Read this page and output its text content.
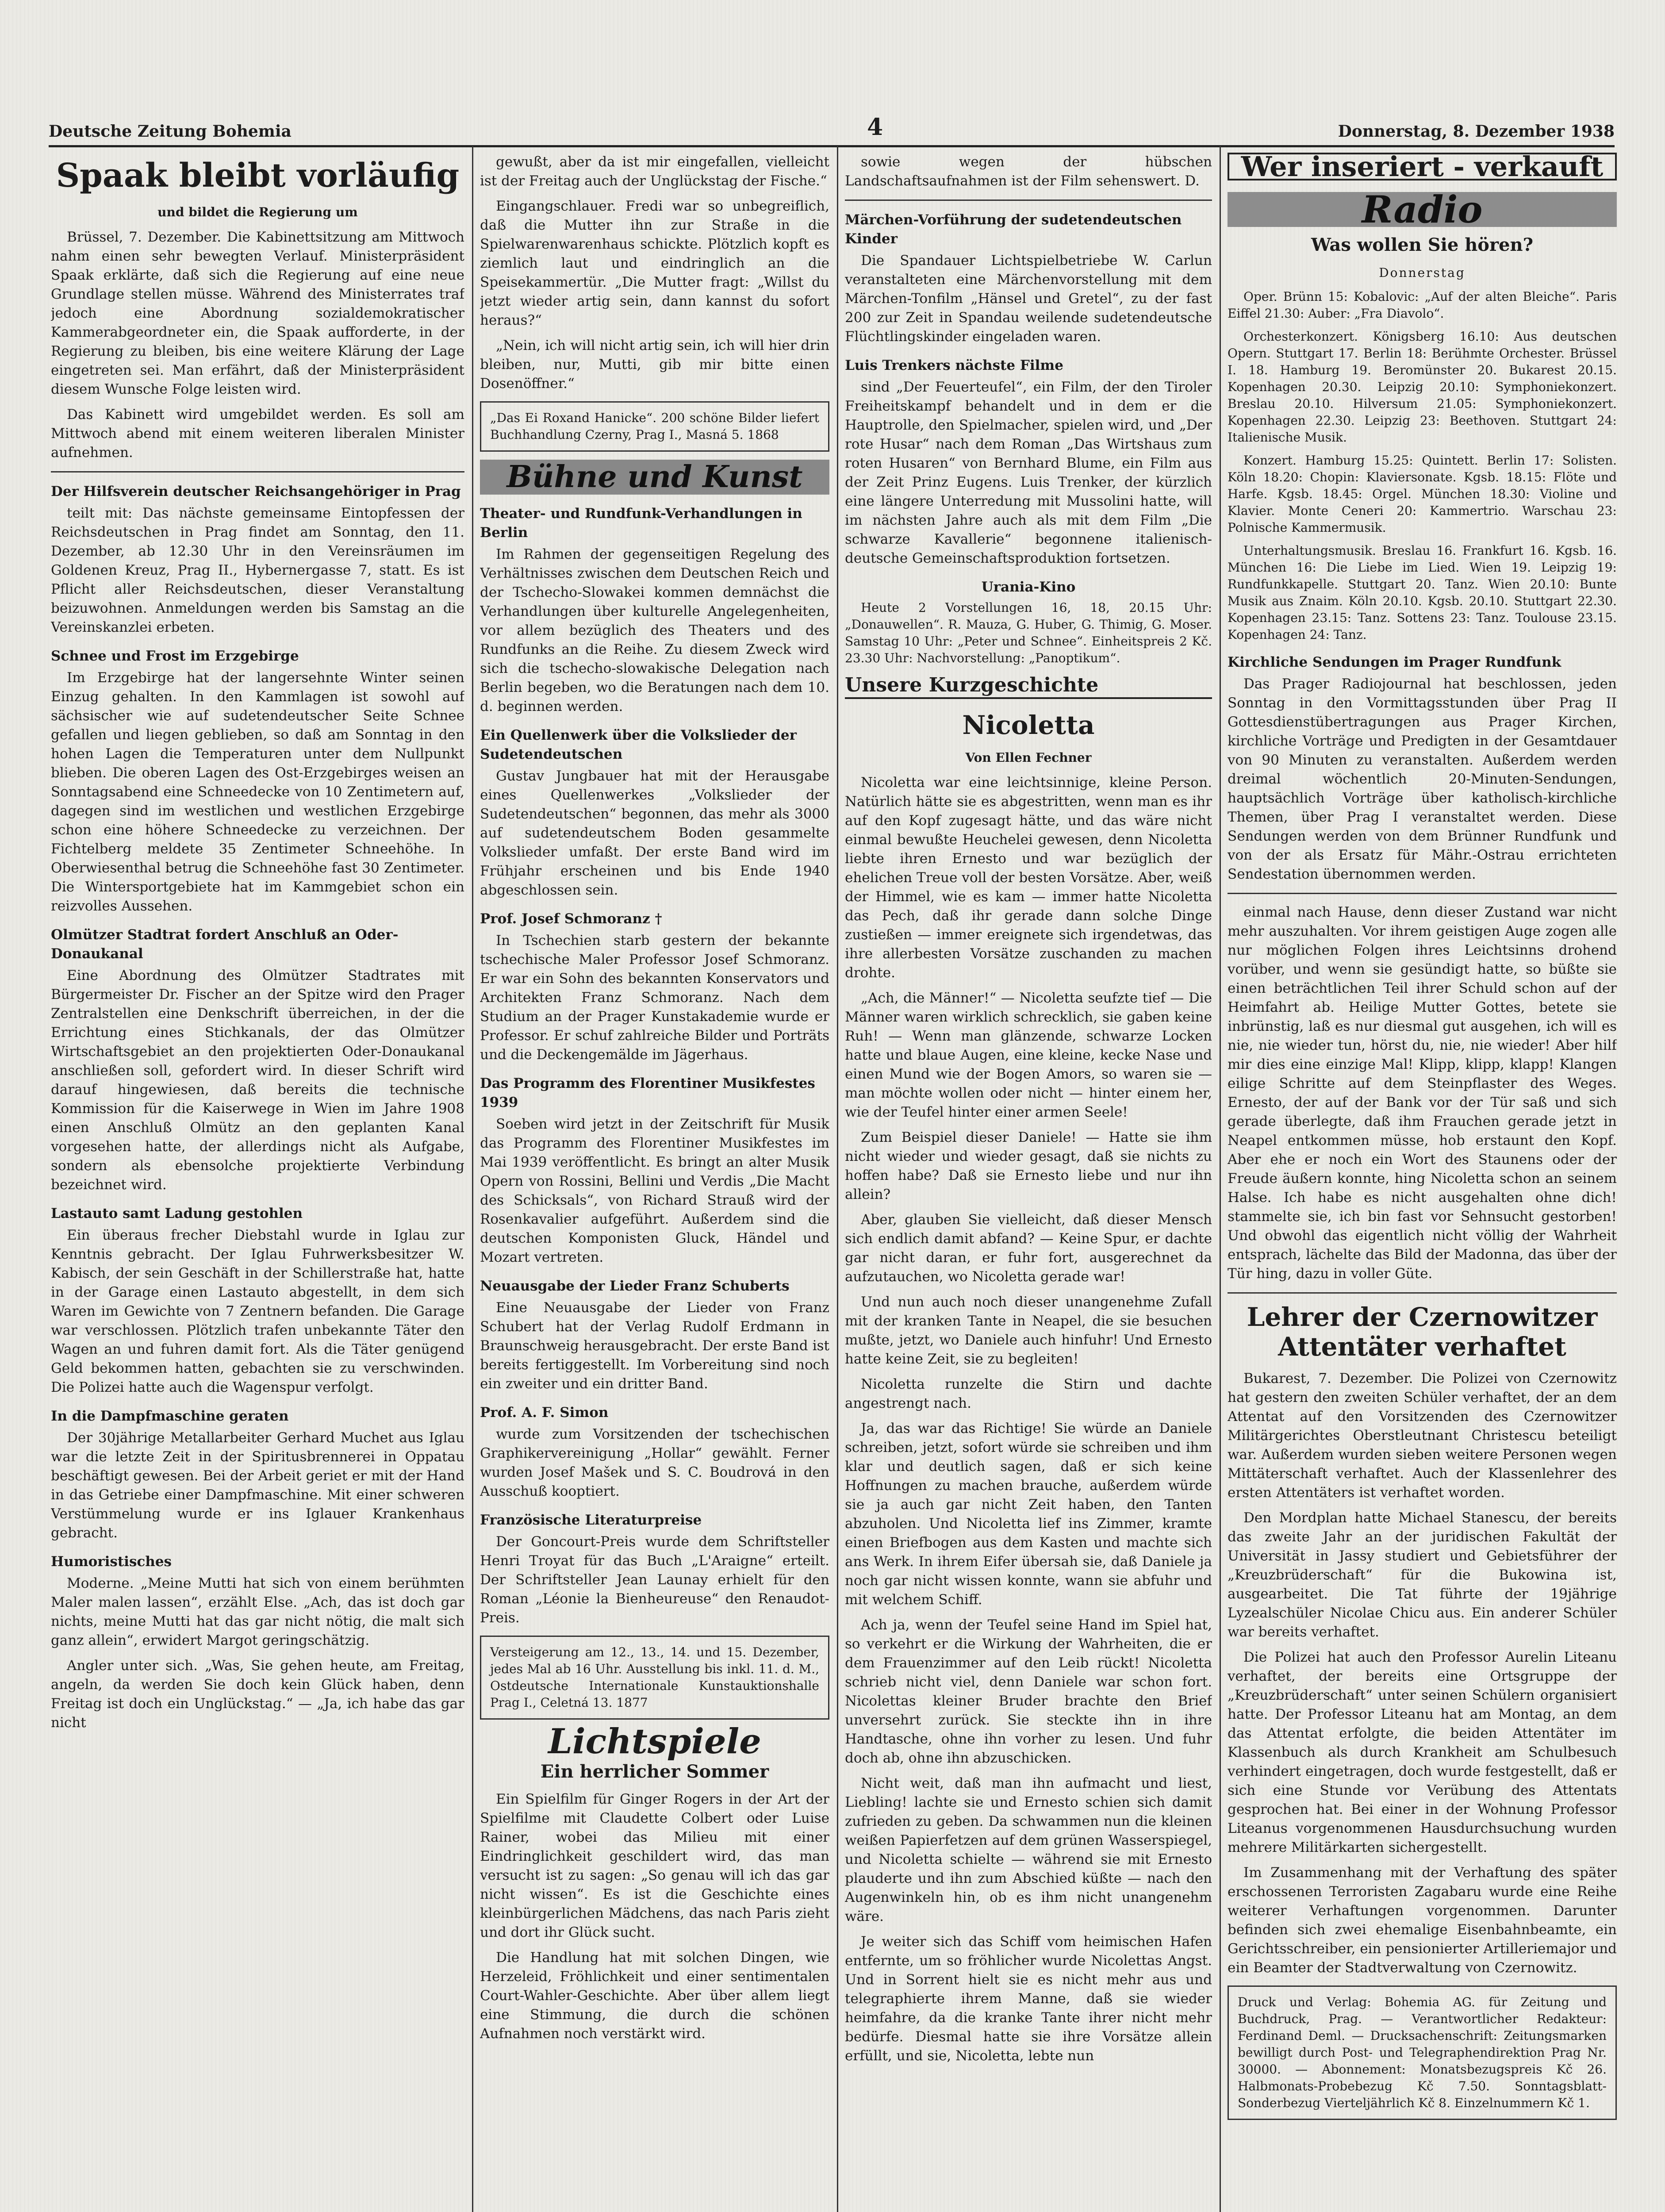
Deutsche Zeitung Bohemia	4	Donnerstag, 8. Dezember 1938
Spaak bleibt vorläufig
und bildet die Regierung um

Brüssel, 7. Dezember. Die Kabinettsitzung am Mittwoch nahm einen sehr bewegten Verlauf. Ministerpräsident Spaak erklärte, daß sich die Regierung auf eine neue Grundlage stellen müsse. Während des Ministerrates traf jedoch eine Abordnung sozialdemokratischer Kammerabgeordneter ein, die Spaak aufforderte, in der Regierung zu bleiben, bis eine weitere Klärung der Lage eingetreten sei. Man erfährt, daß der Ministerpräsident diesem Wunsche Folge leisten wird.

Das Kabinett wird umgebildet werden. Es soll am Mittwoch abend mit einem weiteren liberalen Minister aufnehmen.

Der Hilfsverein deutscher Reichsangehöriger in Prag

teilt mit: Das nächste gemeinsame Eintopfessen der Reichsdeutschen in Prag findet am Sonntag, den 11. Dezember, ab 12.30 Uhr in den Vereinsräumen im Goldenen Kreuz, Prag II., Hybernergasse 7, statt. Es ist Pflicht aller Reichsdeutschen, dieser Veranstaltung beizuwohnen. Anmeldungen werden bis Samstag an die Vereinskanzlei erbeten.

Schnee und Frost im Erzgebirge

Im Erzgebirge hat der langersehnte Winter seinen Einzug gehalten. In den Kammlagen ist sowohl auf sächsischer wie auf sudetendeutscher Seite Schnee gefallen und liegen geblieben, so daß am Sonntag in den hohen Lagen die Temperaturen unter dem Nullpunkt blieben. Die oberen Lagen des Ost-Erzgebirges weisen an Sonntagsabend eine Schneedecke von 10 Zentimetern auf, dagegen sind im westlichen und westlichen Erzgebirge schon eine höhere Schneedecke zu verzeichnen. Der Fichtelberg meldete 35 Zentimeter Schneehöhe. In Oberwiesenthal betrug die Schneehöhe fast 30 Zentimeter. Die Wintersportgebiete hat im Kammgebiet schon ein reizvolles Aussehen.

Olmützer Stadtrat fordert Anschluß an Oder-Donaukanal

Eine Abordnung des Olmützer Stadtrates mit Bürgermeister Dr. Fischer an der Spitze wird den Prager Zentralstellen eine Denkschrift überreichen, in der die Errichtung eines Stichkanals, der das Olmützer Wirtschaftsgebiet an den projektierten Oder-Donaukanal anschließen soll, gefordert wird. In dieser Schrift wird darauf hingewiesen, daß bereits die technische Kommission für die Kaiserwege in Wien im Jahre 1908 einen Anschluß Olmütz an den geplanten Kanal vorgesehen hatte, der allerdings nicht als Aufgabe, sondern als ebensolche projektierte Verbindung bezeichnet wird.

Lastauto samt Ladung gestohlen

Ein überaus frecher Diebstahl wurde in Iglau zur Kenntnis gebracht. Der Iglau Fuhrwerksbesitzer W. Kabisch, der sein Geschäft in der Schillerstraße hat, hatte in der Garage einen Lastauto abgestellt, in dem sich Waren im Gewichte von 7 Zentnern befanden. Die Garage war verschlossen. Plötzlich trafen unbekannte Täter den Wagen an und fuhren damit fort. Als die Täter genügend Geld bekommen hatten, gebachten sie zu verschwinden. Die Polizei hatte auch die Wagenspur verfolgt.

In die Dampfmaschine geraten

Der 30jährige Metallarbeiter Gerhard Muchet aus Iglau war die letzte Zeit in der Spiritusbrennerei in Oppatau beschäftigt gewesen. Bei der Arbeit geriet er mit der Hand in das Getriebe einer Dampfmaschine. Mit einer schweren Verstümmelung wurde er ins Iglauer Krankenhaus gebracht.

Humoristisches

Moderne. „Meine Mutti hat sich von einem berühmten Maler malen lassen“, erzählt Else. „Ach, das ist doch gar nichts, meine Mutti hat das gar nicht nötig, die malt sich ganz allein“, erwidert Margot geringschätzig.

Angler unter sich. „Was, Sie gehen heute, am Freitag, angeln, da werden Sie doch kein Glück haben, denn Freitag ist doch ein Unglückstag.“ — „Ja, ich habe das gar nicht

gewußt, aber da ist mir eingefallen, vielleicht ist der Freitag auch der Unglückstag der Fische.“

Eingangschlauer. Fredi war so unbegreiflich, daß die Mutter ihn zur Straße in die Spielwarenwarenhaus schickte. Plötzlich kopft es ziemlich laut und eindringlich an die Speisekammertür. „Die Mutter fragt: „Willst du jetzt wieder artig sein, dann kannst du sofort heraus?“

„Nein, ich will nicht artig sein, ich will hier drin bleiben, nur, Mutti, gib mir bitte einen Dosenöffner.“

„Das Ei Roxand Hanicke“. 200 schöne Bilder liefert Buchhandlung Czerny, Prag I., Masná 5. 1868
Bühne und Kunst
Theater- und Rundfunk-Verhandlungen in Berlin

Im Rahmen der gegenseitigen Regelung des Verhältnisses zwischen dem Deutschen Reich und der Tschecho-Slowakei kommen demnächst die Verhandlungen über kulturelle Angelegenheiten, vor allem bezüglich des Theaters und des Rundfunks an die Reihe. Zu diesem Zweck wird sich die tschecho-slowakische Delegation nach Berlin begeben, wo die Beratungen nach dem 10. d. beginnen werden.

Ein Quellenwerk über die Volkslieder der Sudetendeutschen

Gustav Jungbauer hat mit der Herausgabe eines Quellenwerkes „Volkslieder der Sudetendeutschen“ begonnen, das mehr als 3000 auf sudetendeutschem Boden gesammelte Volkslieder umfaßt. Der erste Band wird im Frühjahr erscheinen und bis Ende 1940 abgeschlossen sein.

Prof. Josef Schmoranz †

In Tschechien starb gestern der bekannte tschechische Maler Professor Josef Schmoranz. Er war ein Sohn des bekannten Konservators und Architekten Franz Schmoranz. Nach dem Studium an der Prager Kunstakademie wurde er Professor. Er schuf zahlreiche Bilder und Porträts und die Deckengemälde im Jägerhaus.

Das Programm des Florentiner Musikfestes 1939

Soeben wird jetzt in der Zeitschrift für Musik das Programm des Florentiner Musikfestes im Mai 1939 veröffentlicht. Es bringt an alter Musik Opern von Rossini, Bellini und Verdis „Die Macht des Schicksals“, von Richard Strauß wird der Rosenkavalier aufgeführt. Außerdem sind die deutschen Komponisten Gluck, Händel und Mozart vertreten.

Neuausgabe der Lieder Franz Schuberts

Eine Neuausgabe der Lieder von Franz Schubert hat der Verlag Rudolf Erdmann in Braunschweig herausgebracht. Der erste Band ist bereits fertiggestellt. Im Vorbereitung sind noch ein zweiter und ein dritter Band.

Prof. A. F. Simon

wurde zum Vorsitzenden der tschechischen Graphikervereinigung „Hollar“ gewählt. Ferner wurden Josef Mašek und S. C. Boudrová in den Ausschuß kooptiert.

Französische Literaturpreise

Der Goncourt-Preis wurde dem Schriftsteller Henri Troyat für das Buch „L'Araigne“ erteilt. Der Schriftsteller Jean Launay erhielt für den Roman „Léonie la Bienheureuse“ den Renaudot-Preis.

Versteigerung am 12., 13., 14. und 15. Dezember, jedes Mal ab 16 Uhr. Ausstellung bis inkl. 11. d. M., Ostdeutsche Internationale Kunstauktionshalle Prag I., Celetná 13. 1877
Lichtspiele
Ein herrlicher Sommer

Ein Spielfilm für Ginger Rogers in der Art der Spielfilme mit Claudette Colbert oder Luise Rainer, wobei das Milieu mit einer Eindringlichkeit geschildert wird, das man versucht ist zu sagen: „So genau will ich das gar nicht wissen“. Es ist die Geschichte eines kleinbürgerlichen Mädchens, das nach Paris zieht und dort ihr Glück sucht.

Die Handlung hat mit solchen Dingen, wie Herzeleid, Fröhlichkeit und einer sentimentalen Court-Wahler-Geschichte. Aber über allem liegt eine Stimmung, die durch die schönen Aufnahmen noch verstärkt wird.

sowie wegen der hübschen Landschaftsaufnahmen ist der Film sehenswert. D.

Märchen-Vorführung der sudetendeutschen Kinder

Die Spandauer Lichtspielbetriebe W. Carlun veranstalteten eine Märchenvorstellung mit dem Märchen-Tonfilm „Hänsel und Gretel“, zu der fast 200 zur Zeit in Spandau weilende sudetendeutsche Flüchtlingskinder eingeladen waren.

Luis Trenkers nächste Filme

sind „Der Feuerteufel“, ein Film, der den Tiroler Freiheitskampf behandelt und in dem er die Hauptrolle, den Spielmacher, spielen wird, und „Der rote Husar“ nach dem Roman „Das Wirtshaus zum roten Husaren“ von Bernhard Blume, ein Film aus der Zeit Prinz Eugens. Luis Trenker, der kürzlich eine längere Unterredung mit Mussolini hatte, will im nächsten Jahre auch als mit dem Film „Die schwarze Kavallerie“ begonnene italienisch-deutsche Gemeinschaftsproduktion fortsetzen.

Urania-Kino

Heute 2 Vorstellungen 16, 18, 20.15 Uhr: „Donauwellen“. R. Mauza, G. Huber, G. Thimig, G. Moser. Samstag 10 Uhr: „Peter und Schnee“. Einheitspreis 2 Kč. 23.30 Uhr: Nachvorstellung: „Panoptikum“.

Unsere Kurzgeschichte
Nicoletta
Von Ellen Fechner

Nicoletta war eine leichtsinnige, kleine Person. Natürlich hätte sie es abgestritten, wenn man es ihr auf den Kopf zugesagt hätte, und das wäre nicht einmal bewußte Heuchelei gewesen, denn Nicoletta liebte ihren Ernesto und war bezüglich der ehelichen Treue voll der besten Vorsätze. Aber, weiß der Himmel, wie es kam — immer hatte Nicoletta das Pech, daß ihr gerade dann solche Dinge zustießen — immer ereignete sich irgendetwas, das ihre allerbesten Vorsätze zuschanden zu machen drohte.

„Ach, die Männer!“ — Nicoletta seufzte tief — Die Männer waren wirklich schrecklich, sie gaben keine Ruh! — Wenn man glänzende, schwarze Locken hatte und blaue Augen, eine kleine, kecke Nase und einen Mund wie der Bogen Amors, so waren sie — man möchte wollen oder nicht — hinter einem her, wie der Teufel hinter einer armen Seele!

Zum Beispiel dieser Daniele! — Hatte sie ihm nicht wieder und wieder gesagt, daß sie nichts zu hoffen habe? Daß sie Ernesto liebe und nur ihn allein?

Aber, glauben Sie vielleicht, daß dieser Mensch sich endlich damit abfand? — Keine Spur, er dachte gar nicht daran, er fuhr fort, ausgerechnet da aufzutauchen, wo Nicoletta gerade war!

Und nun auch noch dieser unangenehme Zufall mit der kranken Tante in Neapel, die sie besuchen mußte, jetzt, wo Daniele auch hinfuhr! Und Ernesto hatte keine Zeit, sie zu begleiten!

Nicoletta runzelte die Stirn und dachte angestrengt nach.

Ja, das war das Richtige! Sie würde an Daniele schreiben, jetzt, sofort würde sie schreiben und ihm klar und deutlich sagen, daß er sich keine Hoffnungen zu machen brauche, außerdem würde sie ja auch gar nicht Zeit haben, den Tanten abzuholen. Und Nicoletta lief ins Zimmer, kramte einen Briefbogen aus dem Kasten und machte sich ans Werk. In ihrem Eifer übersah sie, daß Daniele ja noch gar nicht wissen konnte, wann sie abfuhr und mit welchem Schiff.

Ach ja, wenn der Teufel seine Hand im Spiel hat, so verkehrt er die Wirkung der Wahrheiten, die er dem Frauenzimmer auf den Leib rückt! Nicoletta schrieb nicht viel, denn Daniele war schon fort. Nicolettas kleiner Bruder brachte den Brief unversehrt zurück. Sie steckte ihn in ihre Handtasche, ohne ihn vorher zu lesen. Und fuhr doch ab, ohne ihn abzuschicken.

Nicht weit, daß man ihn aufmacht und liest, Liebling! lachte sie und Ernesto schien sich damit zufrieden zu geben. Da schwammen nun die kleinen weißen Papierfetzen auf dem grünen Wasserspiegel, und Nicoletta schielte — während sie mit Ernesto plauderte und ihn zum Abschied küßte — nach den Augenwinkeln hin, ob es ihm nicht unangenehm wäre.

Je weiter sich das Schiff vom heimischen Hafen entfernte, um so fröhlicher wurde Nicolettas Angst. Und in Sorrent hielt sie es nicht mehr aus und telegraphierte ihrem Manne, daß sie wieder heimfahre, da die kranke Tante ihrer nicht mehr bedürfe. Diesmal hatte sie ihre Vorsätze allein erfüllt, und sie, Nicoletta, lebte nun

Wer inseriert - verkauft
Radio
Was wollen Sie hören?
Donnerstag

Oper. Brünn 15: Kobalovic: „Auf der alten Bleiche“. Paris Eiffel 21.30: Auber: „Fra Diavolo“.

Orchesterkonzert. Königsberg 16.10: Aus deutschen Opern. Stuttgart 17. Berlin 18: Berühmte Orchester. Brüssel I. 18. Hamburg 19. Beromünster 20. Bukarest 20.15. Kopenhagen 20.30. Leipzig 20.10: Symphoniekonzert. Breslau 20.10. Hilversum 21.05: Symphoniekonzert. Kopenhagen 22.30. Leipzig 23: Beethoven. Stuttgart 24: Italienische Musik.

Konzert. Hamburg 15.25: Quintett. Berlin 17: Solisten. Köln 18.20: Chopin: Klaviersonate. Kgsb. 18.15: Flöte und Harfe. Kgsb. 18.45: Orgel. München 18.30: Violine und Klavier. Monte Ceneri 20: Kammertrio. Warschau 23: Polnische Kammermusik.

Unterhaltungsmusik. Breslau 16. Frankfurt 16. Kgsb. 16. München 16: Die Liebe im Lied. Wien 19. Leipzig 19: Rundfunkkapelle. Stuttgart 20. Tanz. Wien 20.10: Bunte Musik aus Znaim. Köln 20.10. Kgsb. 20.10. Stuttgart 22.30. Kopenhagen 23.15: Tanz. Sottens 23: Tanz. Toulouse 23.15. Kopenhagen 24: Tanz.

Kirchliche Sendungen im Prager Rundfunk

Das Prager Radiojournal hat beschlossen, jeden Sonntag in den Vormittagsstunden über Prag II Gottesdienstübertragungen aus Prager Kirchen, kirchliche Vorträge und Predigten in der Gesamtdauer von 90 Minuten zu veranstalten. Außerdem werden dreimal wöchentlich 20-Minuten-Sendungen, hauptsächlich Vorträge über katholisch-kirchliche Themen, über Prag I veranstaltet werden. Diese Sendungen werden von dem Brünner Rundfunk und von der als Ersatz für Mähr.-Ostrau errichteten Sendestation übernommen werden.

einmal nach Hause, denn dieser Zustand war nicht mehr auszuhalten. Vor ihrem geistigen Auge zogen alle nur möglichen Folgen ihres Leichtsinns drohend vorüber, und wenn sie gesündigt hatte, so büßte sie einen beträchtlichen Teil ihrer Schuld schon auf der Heimfahrt ab. Heilige Mutter Gottes, betete sie inbrünstig, laß es nur diesmal gut ausgehen, ich will es nie, nie wieder tun, hörst du, nie, nie wieder! Aber hilf mir dies eine einzige Mal! Klipp, klipp, klapp! Klangen eilige Schritte auf dem Steinpflaster des Weges. Ernesto, der auf der Bank vor der Tür saß und sich gerade überlegte, daß ihm Frauchen gerade jetzt in Neapel entkommen müsse, hob erstaunt den Kopf. Aber ehe er noch ein Wort des Staunens oder der Freude äußern konnte, hing Nicoletta schon an seinem Halse. Ich habe es nicht ausgehalten ohne dich! stammelte sie, ich bin fast vor Sehnsucht gestorben! Und obwohl das eigentlich nicht völlig der Wahrheit entsprach, lächelte das Bild der Madonna, das über der Tür hing, dazu in voller Güte.

Lehrer der Czernowitzer Attentäter verhaftet

Bukarest, 7. Dezember. Die Polizei von Czernowitz hat gestern den zweiten Schüler verhaftet, der an dem Attentat auf den Vorsitzenden des Czernowitzer Militärgerichtes Oberstleutnant Christescu beteiligt war. Außerdem wurden sieben weitere Personen wegen Mittäterschaft verhaftet. Auch der Klassenlehrer des ersten Attentäters ist verhaftet worden.

Den Mordplan hatte Michael Stanescu, der bereits das zweite Jahr an der juridischen Fakultät der Universität in Jassy studiert und Gebietsführer der „Kreuzbrüderschaft“ für die Bukowina ist, ausgearbeitet. Die Tat führte der 19jährige Lyzealschüler Nicolae Chicu aus. Ein anderer Schüler war bereits verhaftet.

Die Polizei hat auch den Professor Aurelin Liteanu verhaftet, der bereits eine Ortsgruppe der „Kreuzbrüderschaft“ unter seinen Schülern organisiert hatte. Der Professor Liteanu hat am Montag, an dem das Attentat erfolgte, die beiden Attentäter im Klassenbuch als durch Krankheit am Schulbesuch verhindert eingetragen, doch wurde festgestellt, daß er sich eine Stunde vor Verübung des Attentats gesprochen hat. Bei einer in der Wohnung Professor Liteanus vorgenommenen Hausdurchsuchung wurden mehrere Militärkarten sichergestellt.

Im Zusammenhang mit der Verhaftung des später erschossenen Terroristen Zagabaru wurde eine Reihe weiterer Verhaftungen vorgenommen. Darunter befinden sich zwei ehemalige Eisenbahnbeamte, ein Gerichtsschreiber, ein pensionierter Artilleriemajor und ein Beamter der Stadtverwaltung von Czernowitz.

Druck und Verlag: Bohemia AG. für Zeitung und Buchdruck, Prag. — Verantwortlicher Redakteur: Ferdinand Deml. — Drucksachenschrift: Zeitungsmarken bewilligt durch Post- und Telegraphendirektion Prag Nr. 30000. — Abonnement: Monatsbezugspreis Kč 26. Halbmonats-Probebezug Kč 7.50. Sonntagsblatt-Sonderbezug Vierteljährlich Kč 8. Einzelnummern Kč 1.
